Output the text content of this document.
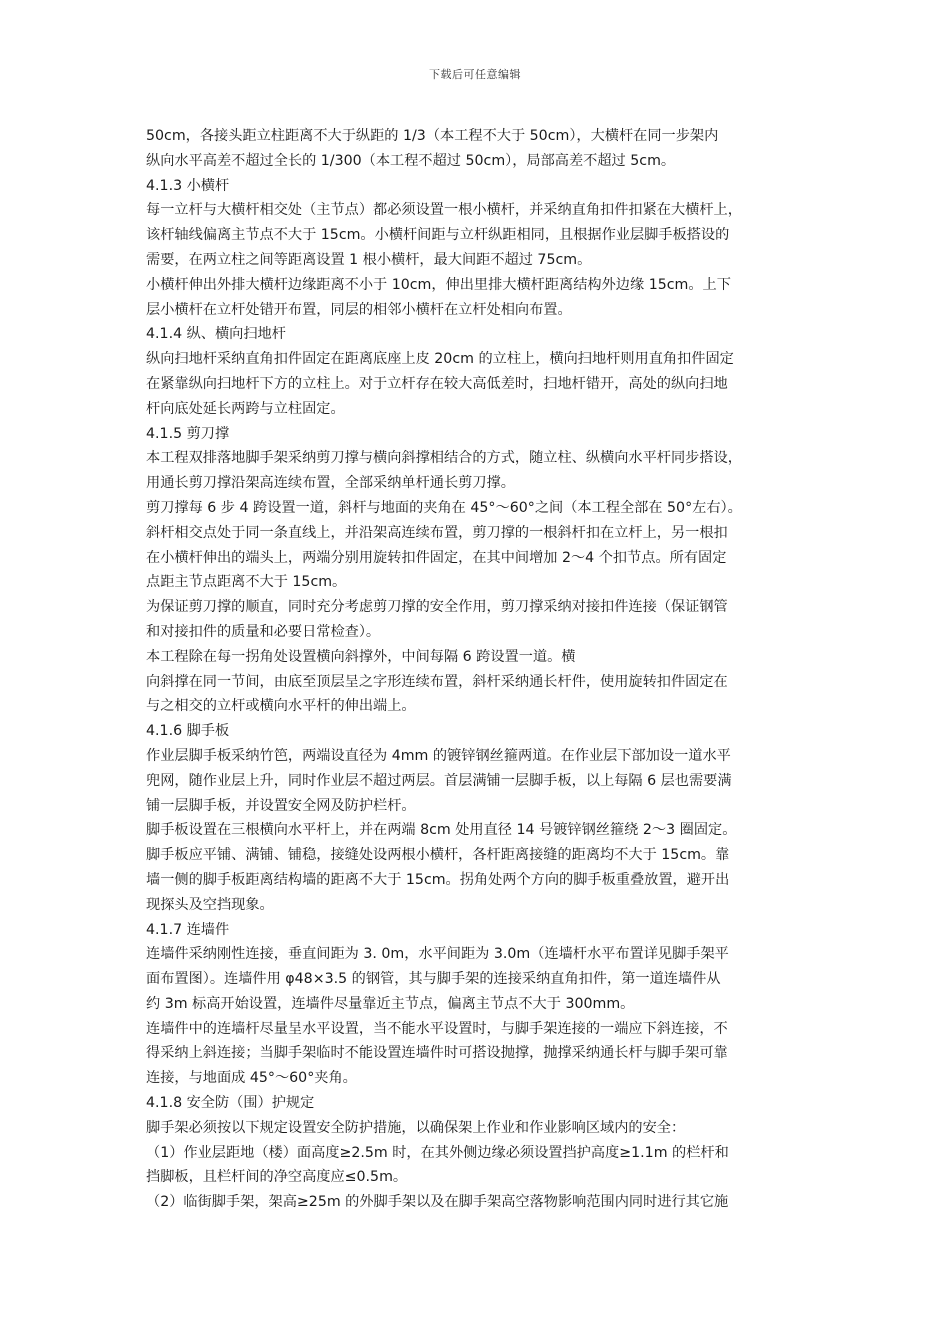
下载后可任意编辑
50cm，各接头距立柱距离不大于纵距的 1/3（本工程不大于 50cm），大横杆在同一步架内
纵向水平高差不超过全长的 1/300（本工程不超过 50cm），局部高差不超过 5cm。
4.1.3 小横杆
每一立杆与大横杆相交处（主节点）都必须设置一根小横杆，并采纳直角扣件扣紧在大横杆上，
该杆轴线偏离主节点不大于 15cm。小横杆间距与立杆纵距相同，且根据作业层脚手板搭设的
需要，在两立柱之间等距离设置 1 根小横杆，最大间距不超过 75cm。
小横杆伸出外排大横杆边缘距离不小于 10cm，伸出里排大横杆距离结构外边缘 15cm。上下
层小横杆在立杆处错开布置，同层的相邻小横杆在立杆处相向布置。
4.1.4 纵、横向扫地杆
纵向扫地杆采纳直角扣件固定在距离底座上皮 20cm 的立柱上，横向扫地杆则用直角扣件固定
在紧靠纵向扫地杆下方的立柱上。对于立杆存在较大高低差时，扫地杆错开，高处的纵向扫地
杆向底处延长两跨与立柱固定。
4.1.5 剪刀撑
本工程双排落地脚手架采纳剪刀撑与横向斜撑相结合的方式，随立柱、纵横向水平杆同步搭设，
用通长剪刀撑沿架高连续布置，全部采纳单杆通长剪刀撑。
剪刀撑每 6 步 4 跨设置一道，斜杆与地面的夹角在 45°～60°之间（本工程全部在 50°左右）。
斜杆相交点处于同一条直线上，并沿架高连续布置，剪刀撑的一根斜杆扣在立杆上，另一根扣
在小横杆伸出的端头上，两端分别用旋转扣件固定，在其中间增加 2～4 个扣节点。所有固定
点距主节点距离不大于 15cm。
为保证剪刀撑的顺直，同时充分考虑剪刀撑的安全作用，剪刀撑采纳对接扣件连接（保证钢管
和对接扣件的质量和必要日常检查）。
本工程除在每一拐角处设置横向斜撑外，中间每隔 6 跨设置一道。横
向斜撑在同一节间，由底至顶层呈之字形连续布置，斜杆采纳通长杆件，使用旋转扣件固定在
与之相交的立杆或横向水平杆的伸出端上。
4.1.6 脚手板
作业层脚手板采纳竹笆，两端设直径为 4mm 的镀锌钢丝箍两道。在作业层下部加设一道水平
兜网，随作业层上升，同时作业层不超过两层。首层满铺一层脚手板，以上每隔 6 层也需要满
铺一层脚手板，并设置安全网及防护栏杆。
脚手板设置在三根横向水平杆上，并在两端 8cm 处用直径 14 号镀锌钢丝箍绕 2～3 圈固定。
脚手板应平铺、满铺、铺稳，接缝处设两根小横杆，各杆距离接缝的距离均不大于 15cm。靠
墙一侧的脚手板距离结构墙的距离不大于 15cm。拐角处两个方向的脚手板重叠放置，避开出
现探头及空挡现象。
4.1.7 连墙件
连墙件采纳刚性连接，垂直间距为 3. 0m，水平间距为 3.0m（连墙杆水平布置详见脚手架平
面布置图）。连墙件用 φ48×3.5 的钢管，其与脚手架的连接采纳直角扣件，第一道连墙件从
约 3m 标高开始设置，连墙件尽量靠近主节点，偏离主节点不大于 300mm。
连墙件中的连墙杆尽量呈水平设置，当不能水平设置时，与脚手架连接的一端应下斜连接，不
得采纳上斜连接；当脚手架临时不能设置连墙件时可搭设抛撑，抛撑采纳通长杆与脚手架可靠
连接，与地面成 45°～60°夹角。
4.1.8 安全防（围）护规定
脚手架必须按以下规定设置安全防护措施，以确保架上作业和作业影响区域内的安全：
（1）作业层距地（楼）面高度≥2.5m 时，在其外侧边缘必须设置挡护高度≥1.1m 的栏杆和
挡脚板，且栏杆间的净空高度应≤0.5m。
（2）临街脚手架，架高≥25m 的外脚手架以及在脚手架高空落物影响范围内同时进行其它施
